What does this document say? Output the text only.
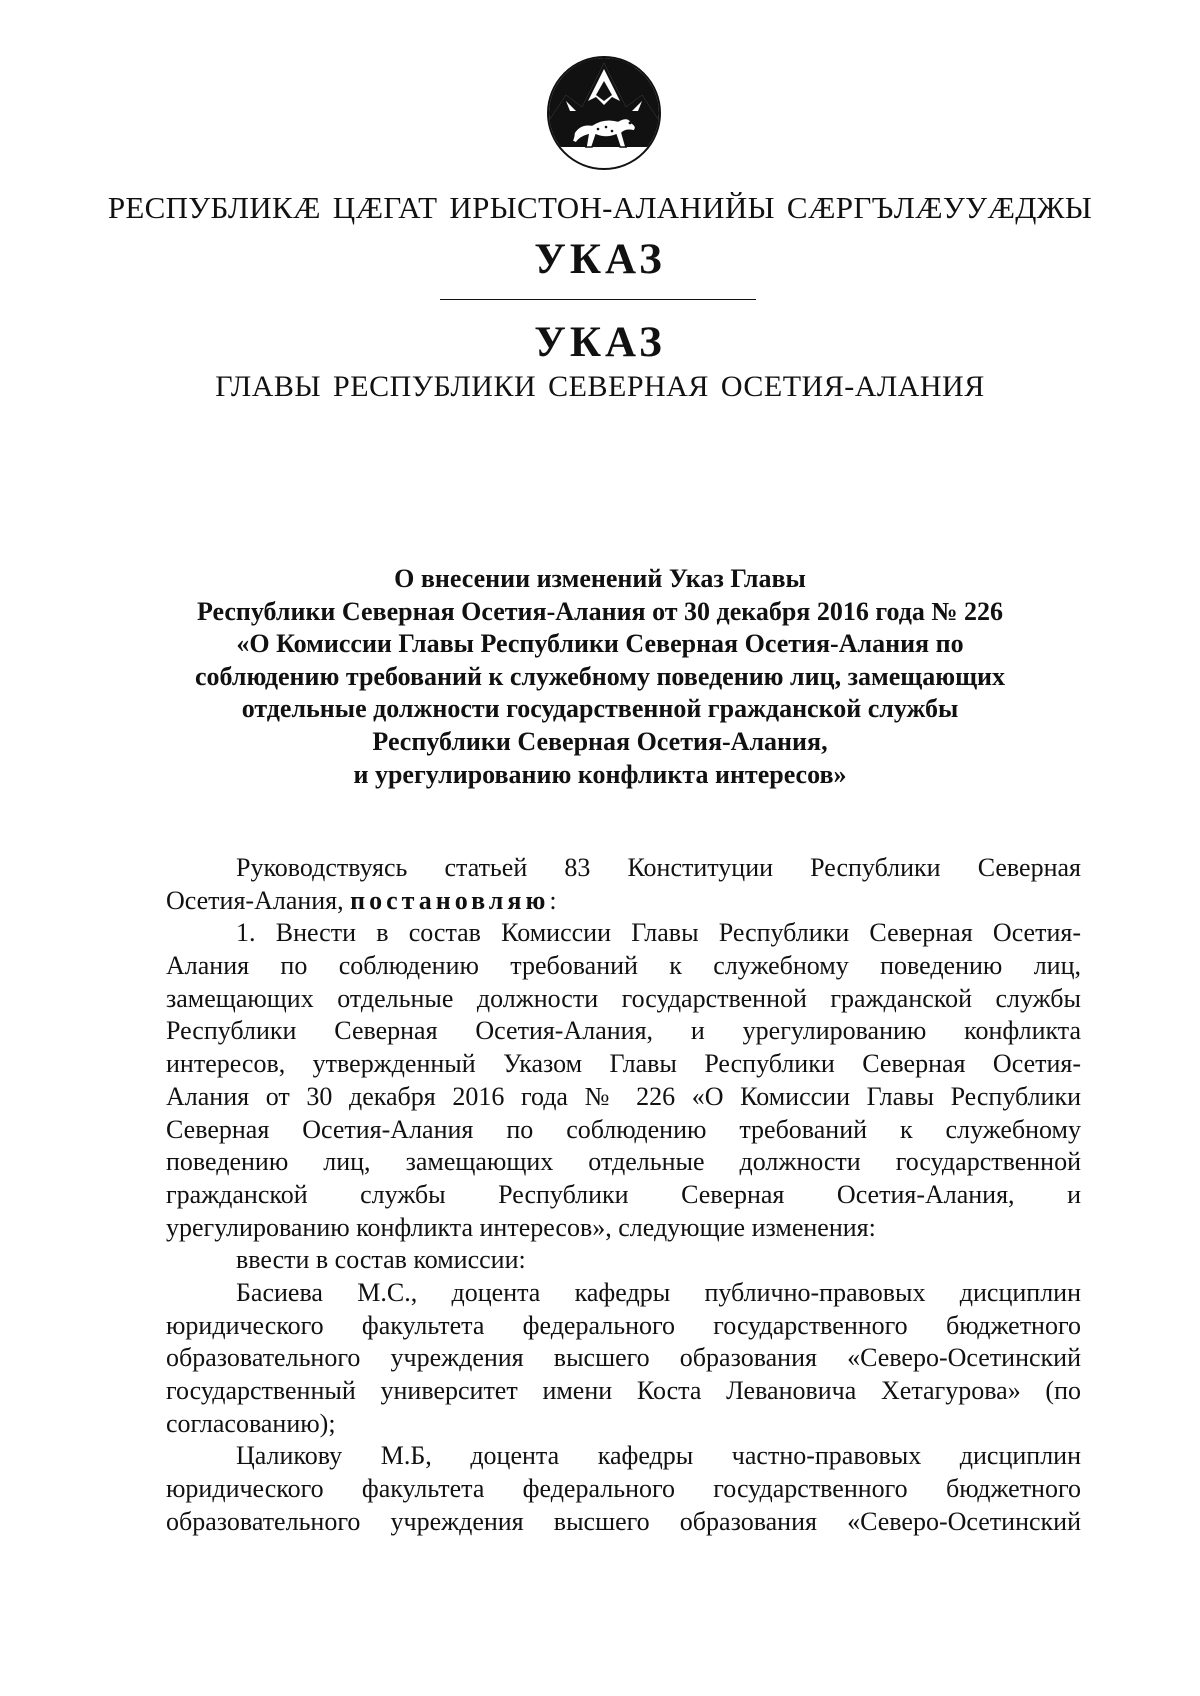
РЕСПУБЛИКӔ ЦӔГАТ ИРЫСТОН-АЛАНИЙЫ СӔРГЪЛӔУУӔДЖЫ
УКАЗ
УКАЗ
ГЛАВЫ РЕСПУБЛИКИ СЕВЕРНАЯ ОСЕТИЯ-АЛАНИЯ
О внесении изменений Указ Главы
Республики Северная Осетия-Алания от 30 декабря 2016 года № 226
«О Комиссии Главы Республики Северная Осетия-Алания по
соблюдению требований к служебному поведению лиц, замещающих
отдельные должности государственной гражданской службы
Республики Северная Осетия-Алания,
и урегулированию конфликта интересов»
Руководствуясь статьей 83 Конституции Республики Северная
Осетия-Алания, постановляю:
1. Внести в состав Комиссии Главы Республики Северная Осетия-
Алания по соблюдению требований к служебному поведению лиц,
замещающих отдельные должности государственной гражданской службы
Республики Северная Осетия-Алания, и урегулированию конфликта
интересов, утвержденный Указом Главы Республики Северная Осетия-
Алания от 30 декабря 2016 года № 226 «О Комиссии Главы Республики
Северная Осетия-Алания по соблюдению требований к служебному
поведению лиц, замещающих отдельные должности государственной
гражданской службы Республики Северная Осетия-Алания, и
урегулированию конфликта интересов», следующие изменения:
ввести в состав комиссии:
Басиева М.С., доцента кафедры публично-правовых дисциплин
юридического факультета федерального государственного бюджетного
образовательного учреждения высшего образования «Северо-Осетинский
государственный университет имени Коста Левановича Хетагурова» (по
согласованию);
Цаликову М.Б, доцента кафедры частно-правовых дисциплин
юридического факультета федерального государственного бюджетного
образовательного учреждения высшего образования «Северо-Осетинский
